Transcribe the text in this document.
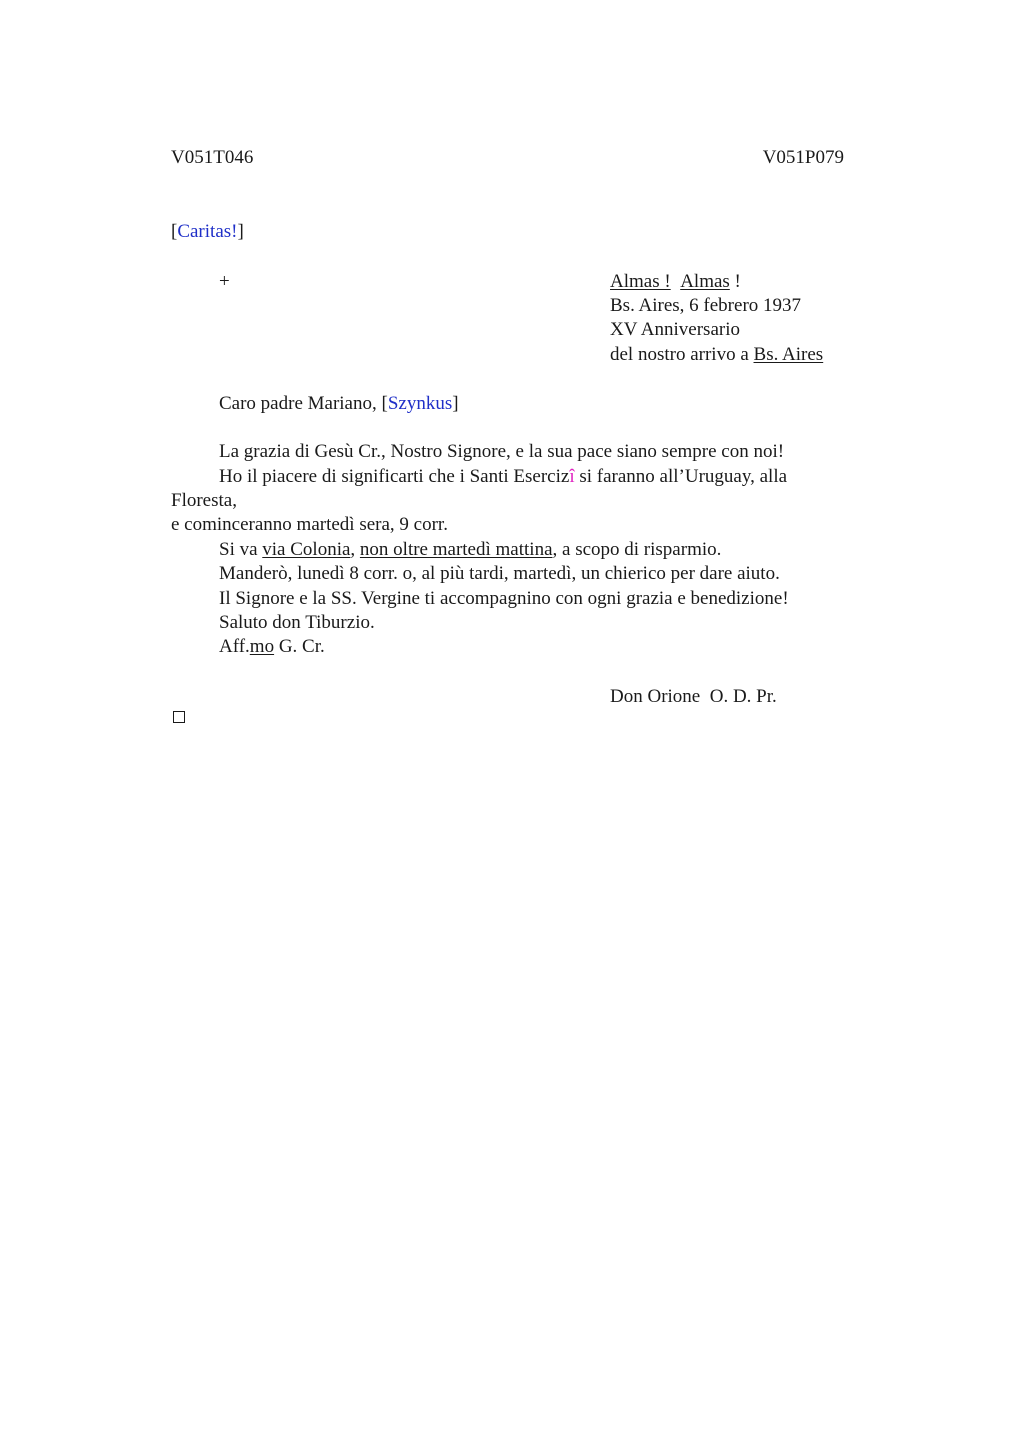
V051T046	V051P079
[Caritas!]
+	Almas ! Almas !
Bs. Aires, 6 febrero 1937
XV Anniversario
del nostro arrivo a Bs. Aires
Caro padre Mariano, [Szynkus]
La grazia di Gesù Cr., Nostro Signore, e la sua pace siano sempre con noi!
Ho il piacere di significarti che i Santi Esercizî si faranno all’Uruguay, alla
Floresta,
e cominceranno martedì sera, 9 corr.
Si va via Colonia, non oltre martedì mattina, a scopo di risparmio.
Manderò, lunedì 8 corr. o, al più tardi, martedì, un chierico per dare aiuto.
Il Signore e la SS. Vergine ti accompagnino con ogni grazia e benedizione!
Saluto don Tiburzio.
Aff.mo G. Cr.
Don Orione  O. D. Pr.
